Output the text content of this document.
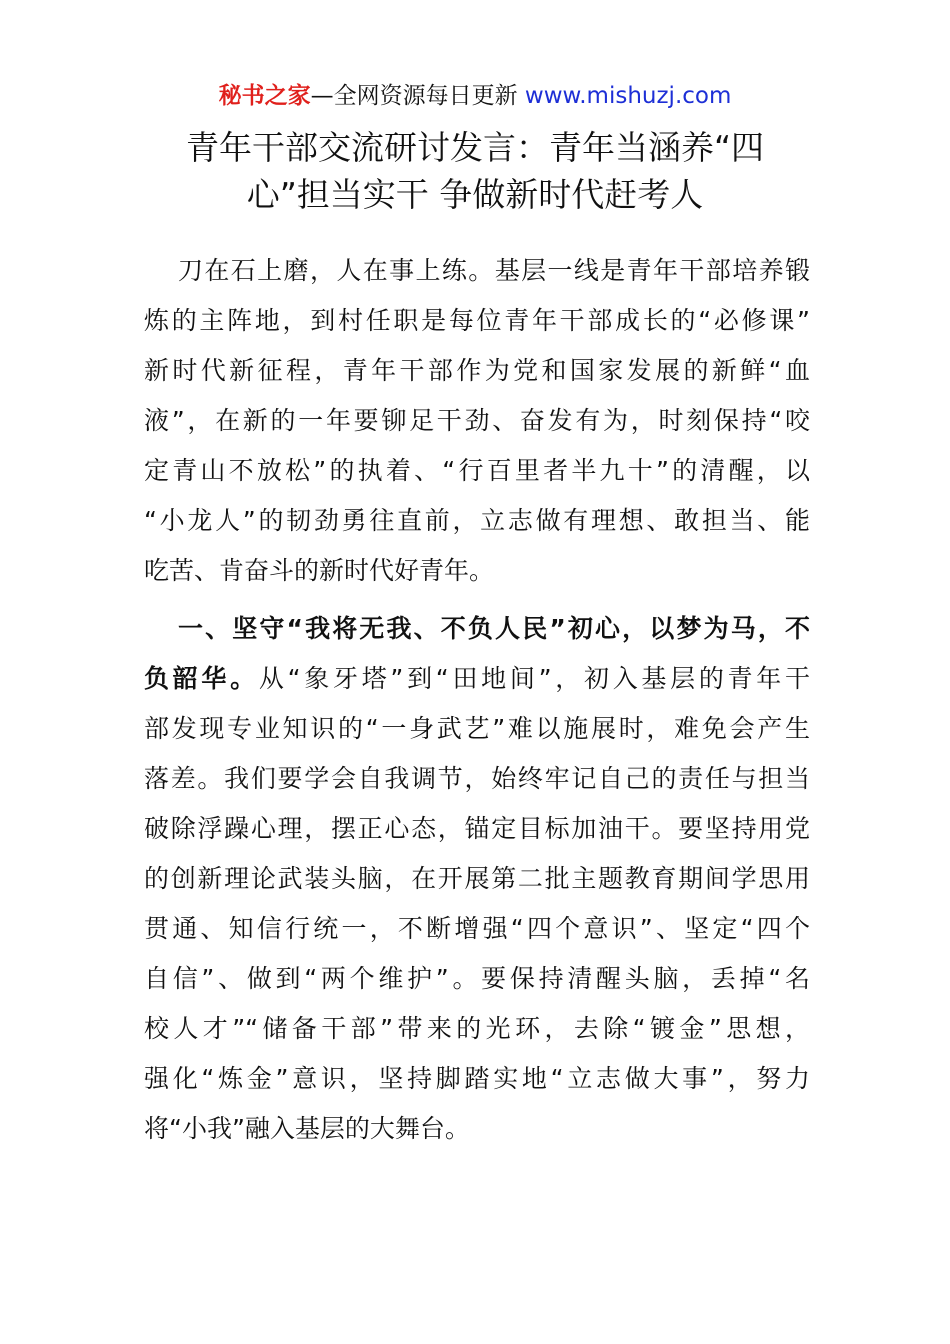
秘书之家—全网资源每日更新 www.mishuzj.com
青年干部交流研讨发言：青年当涵养“四
心”担当实干 争做新时代赶考人
刀在石上磨，人在事上练。基层一线是青年干部培养锻
炼的主阵地，到村任职是每位青年干部成长的“必修课”
新时代新征程，青年干部作为党和国家发展的新鲜“血
液”，在新的一年要铆足干劲、奋发有为，时刻保持“咬
定青山不放松”的执着、“行百里者半九十”的清醒，以
“小龙人”的韧劲勇往直前，立志做有理想、敢担当、能
吃苦、肯奋斗的新时代好青年。
一、坚守“我将无我、不负人民”初心，以梦为马，不
负韶华。从“象牙塔”到“田地间”，初入基层的青年干
部发现专业知识的“一身武艺”难以施展时，难免会产生
落差。我们要学会自我调节，始终牢记自己的责任与担当
破除浮躁心理，摆正心态，锚定目标加油干。要坚持用党
的创新理论武装头脑，在开展第二批主题教育期间学思用
贯通、知信行统一，不断增强“四个意识”、坚定“四个
自信”、做到“两个维护”。要保持清醒头脑，丢掉“名
校人才”“储备干部”带来的光环，去除“镀金”思想，
强化“炼金”意识，坚持脚踏实地“立志做大事”，努力
将“小我”融入基层的大舞台。
